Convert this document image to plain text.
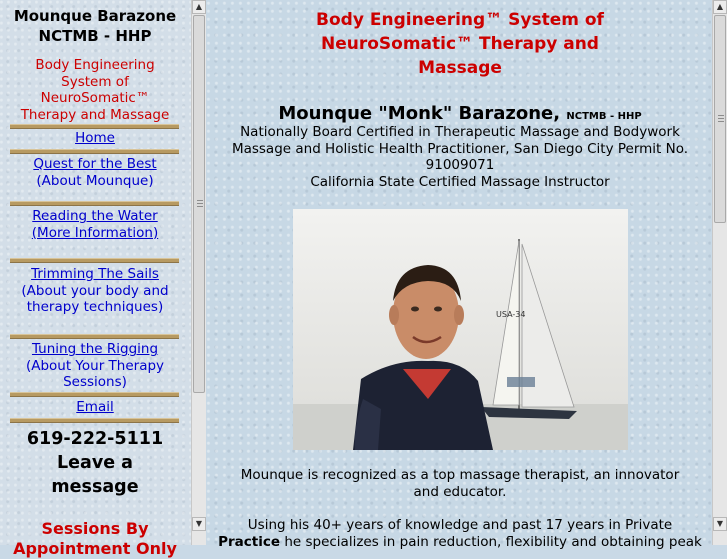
Mounque Barazone
NCTMB - HHP
Body Engineering
System of
NeuroSomatic™
Therapy and Massage
Home
Quest for the Best
(About Mounque)
Reading the Water
(More Information)
Trimming The Sails
(About your body and
therapy techniques)
Tuning the Rigging
(About Your Therapy
Sessions)
Email
619-222-5111
Leave a
message
Sessions By
Appointment Only
▲
▼
Body Engineering™ System of
NeuroSomatic™ Therapy and
Massage
Mounque "Monk" Barazone, NCTMB - HHP
Nationally Board Certified in Therapeutic Massage and Bodywork
Massage and Holistic Health Practitioner, San Diego City Permit No.
91009071
California State Certified Massage Instructor
USA-34
Mounque is recognized as a top massage therapist, an innovator
and educator.
Using his 40+ years of knowledge and past 17 years in Private
Practice he specializes in pain reduction, flexibility and obtaining peak
▲
▼
